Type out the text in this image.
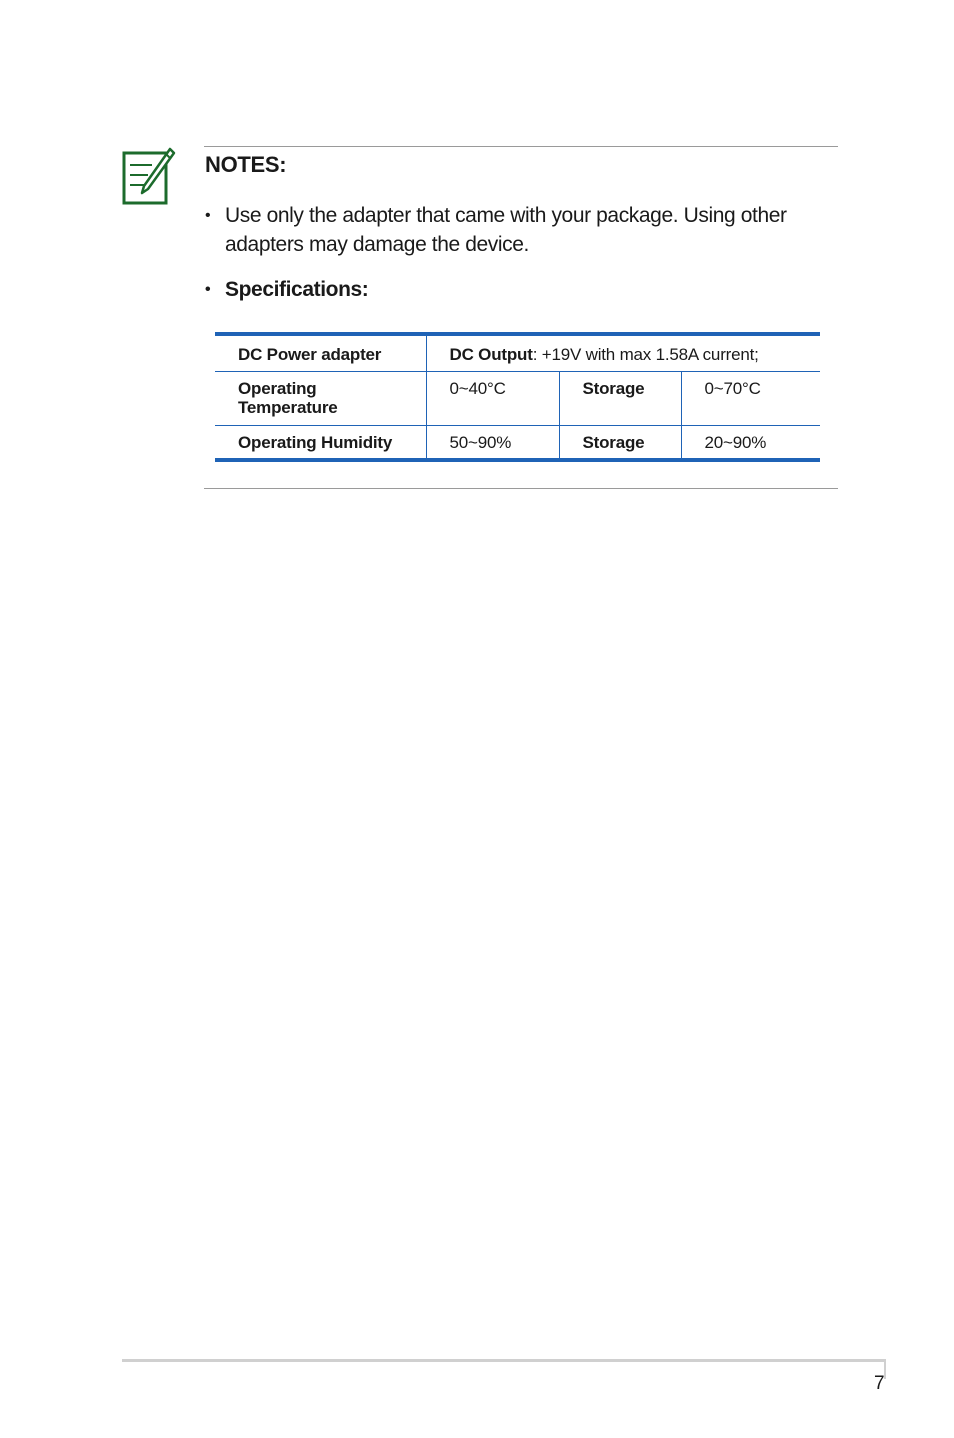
NOTES:
• Use only the adapter that came with your package. Using other adapters may damage the device.
• Specifications:
DC Power adapter	DC Output: +19V with max 1.58A current;		
Operating
Temperature	0~40°C	Storage	0~70°C
Operating Humidity	50~90%	Storage	20~90%
7
